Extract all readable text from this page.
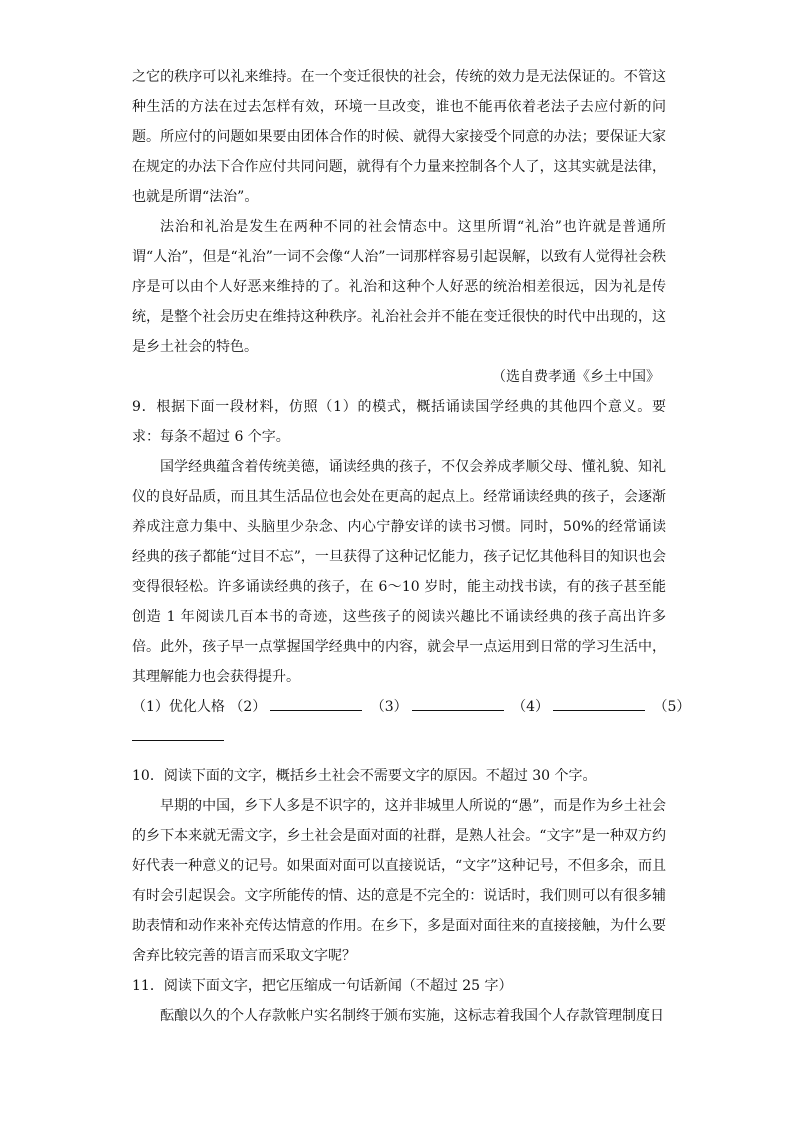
之它的秩序可以礼来维持。在一个变迁很快的社会，传统的效力是无法保证的。不管这种生活的方法在过去怎样有效，环境一旦改变，谁也不能再依着老法子去应付新的问题。所应付的问题如果要由团体合作的时候、就得大家接受个同意的办法；要保证大家在规定的办法下合作应付共同问题，就得有个力量来控制各个人了，这其实就是法律，也就是所谓“法治”。

法治和礼治是发生在两种不同的社会情态中。这里所谓“礼治”也许就是普通所谓“人治”，但是“礼治”一词不会像“人治”一词那样容易引起误解，以致有人觉得社会秩序是可以由个人好恶来维持的了。礼治和这种个人好恶的统治相差很远，因为礼是传统，是整个社会历史在维持这种秩序。礼治社会并不能在变迁很快的时代中出现的，这是乡土社会的特色。

（选自费孝通《乡土中国》

9．根据下面一段材料，仿照（1）的模式，概括诵读国学经典的其他四个意义。要求：每条不超过 6 个字。

国学经典蕴含着传统美德，诵读经典的孩子，不仅会养成孝顺父母、懂礼貌、知礼仪的良好品质，而且其生活品位也会处在更高的起点上。经常诵读经典的孩子，会逐渐养成注意力集中、头脑里少杂念、内心宁静安详的读书习惯。同时，50%的经常诵读经典的孩子都能“过目不忘”，一旦获得了这种记忆能力，孩子记忆其他科目的知识也会变得很轻松。许多诵读经典的孩子，在 6～10 岁时，能主动找书读，有的孩子甚至能创造 1 年阅读几百本书的奇迹，这些孩子的阅读兴趣比不诵读经典的孩子高出许多倍。此外，孩子早一点掌握国学经典中的内容，就会早一点运用到日常的学习生活中，其理解能力也会获得提升。

（1）优化人格 （2）	（3）	（4）	（5）

10．阅读下面的文字，概括乡土社会不需要文字的原因。不超过 30 个字。

早期的中国，乡下人多是不识字的，这并非城里人所说的“愚”，而是作为乡土社会的乡下本来就无需文字，乡土社会是面对面的社群，是熟人社会。“文字”是一种双方约好代表一种意义的记号。如果面对面可以直接说话，“文字”这种记号，不但多余，而且有时会引起误会。文字所能传的情、达的意是不完全的：说话时，我们则可以有很多辅助表情和动作来补充传达情意的作用。在乡下，多是面对面往来的直接接触，为什么要舍弃比较完善的语言而采取文字呢？

11．阅读下面文字，把它压缩成一句话新闻（不超过 25 字）

酝酿以久的个人存款帐户实名制终于颁布实施，这标志着我国个人存款管理制度日
